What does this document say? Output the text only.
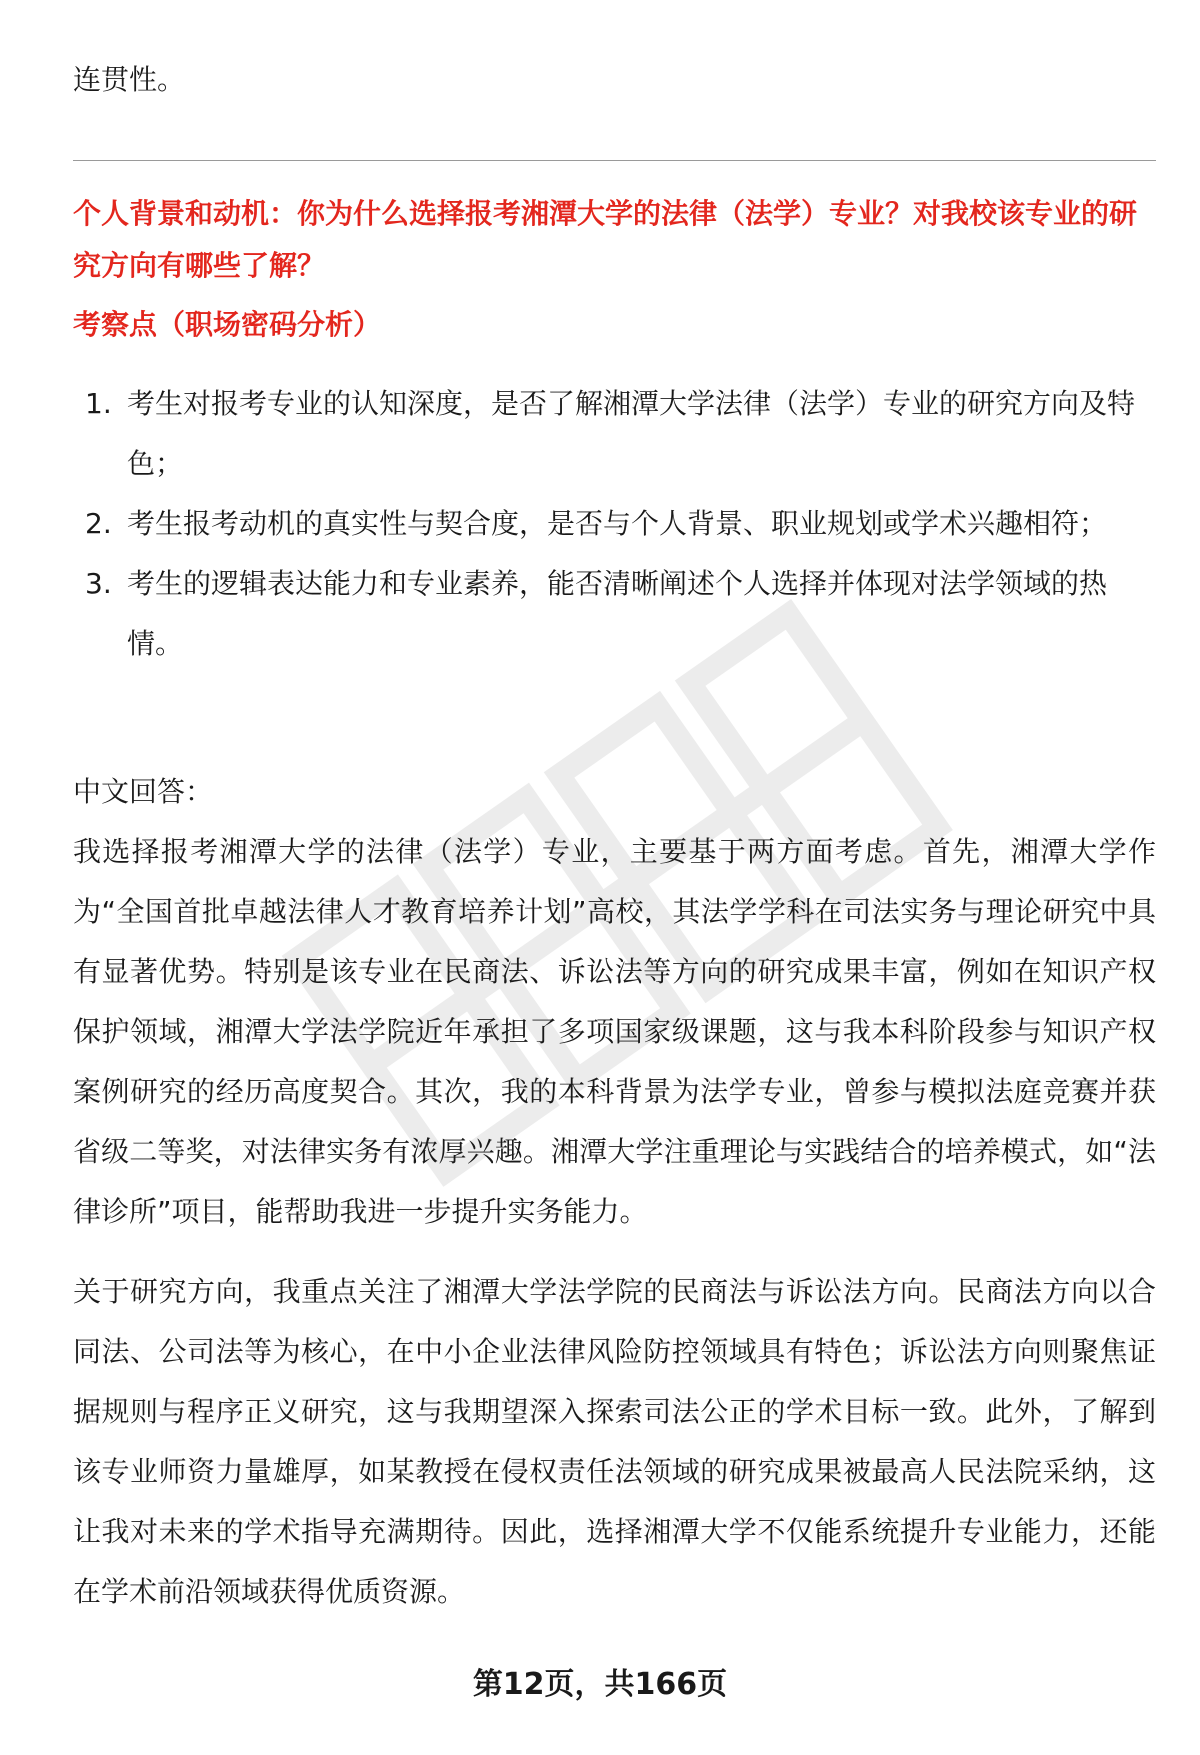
连贯性。

个人背景和动机：你为什么选择报考湘潭大学的法律（法学）专业？对我校该专业的研究方向有哪些了解？
考察点（职场密码分析）
1. 考生对报考专业的认知深度，是否了解湘潭大学法律（法学）专业的研究方向及特色；
2. 考生报考动机的真实性与契合度，是否与个人背景、职业规划或学术兴趣相符；
3. 考生的逻辑表达能力和专业素养，能否清晰阐述个人选择并体现对法学领域的热情。

中文回答：

我选择报考湘潭大学的法律（法学）专业，主要基于两方面考虑。首先，湘潭大学作为“全国首批卓越法律人才教育培养计划”高校，其法学学科在司法实务与理论研究中具有显著优势。特别是该专业在民商法、诉讼法等方向的研究成果丰富，例如在知识产权保护领域，湘潭大学法学院近年承担了多项国家级课题，这与我本科阶段参与知识产权案例研究的经历高度契合。其次，我的本科背景为法学专业，曾参与模拟法庭竞赛并获省级二等奖，对法律实务有浓厚兴趣。湘潭大学注重理论与实践结合的培养模式，如“法律诊所”项目，能帮助我进一步提升实务能力。

关于研究方向，我重点关注了湘潭大学法学院的民商法与诉讼法方向。民商法方向以合同法、公司法等为核心，在中小企业法律风险防控领域具有特色；诉讼法方向则聚焦证据规则与程序正义研究，这与我期望深入探索司法公正的学术目标一致。此外，了解到该专业师资力量雄厚，如某教授在侵权责任法领域的研究成果被最高人民法院采纳，这让我对未来的学术指导充满期待。因此，选择湘潭大学不仅能系统提升专业能力，还能在学术前沿领域获得优质资源。

第12页，共166页
